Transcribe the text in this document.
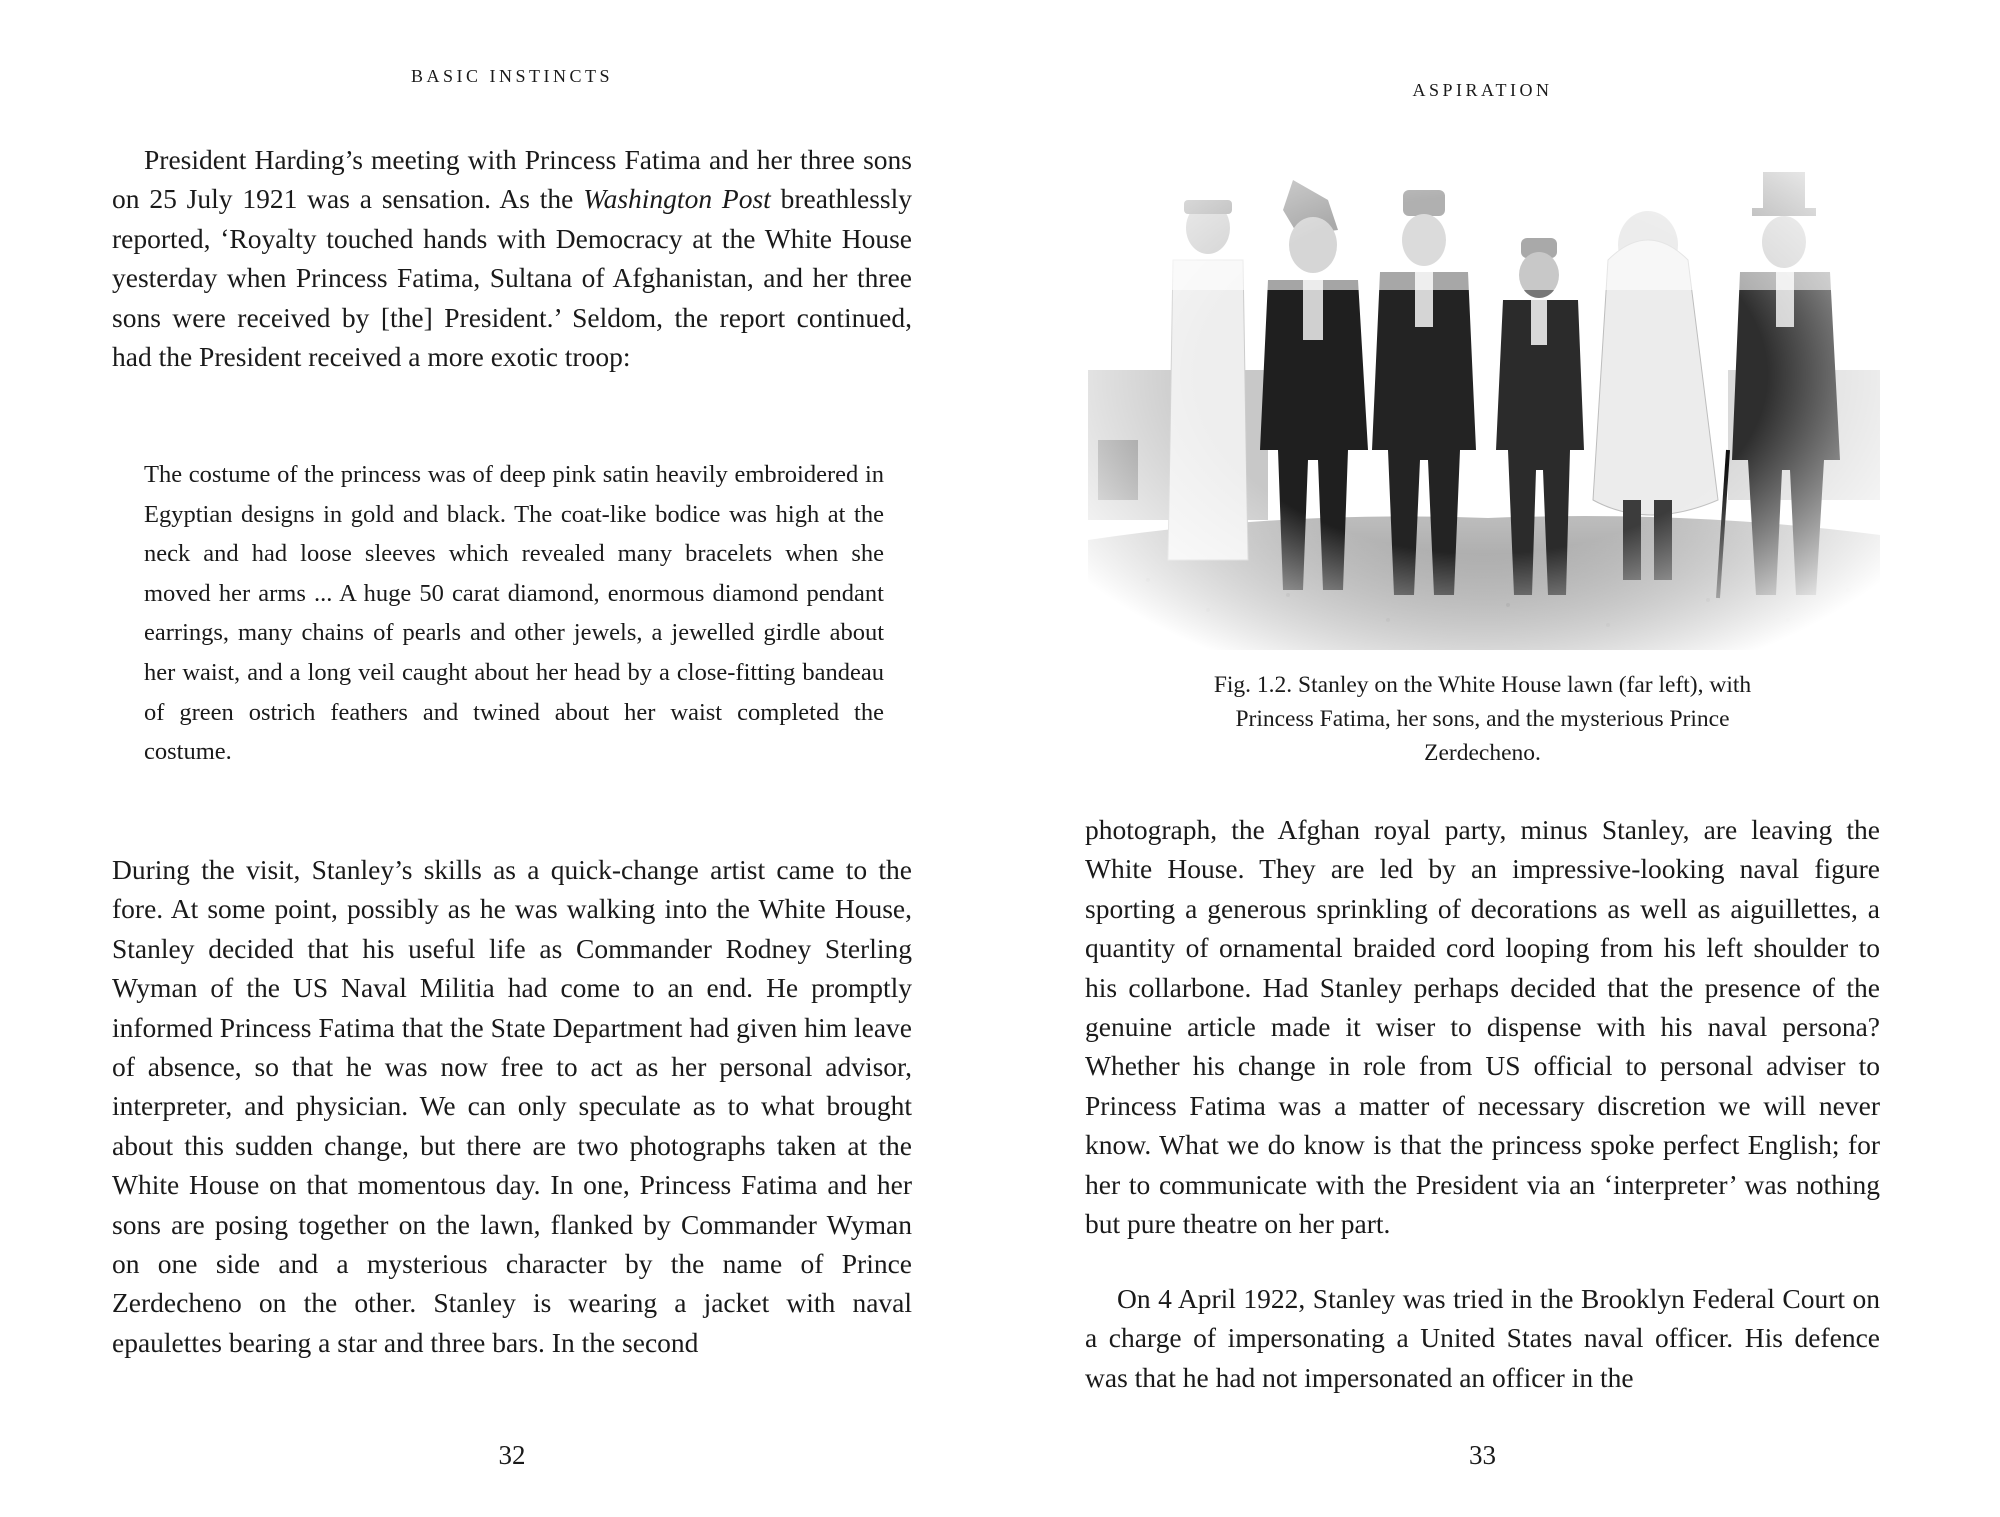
BASIC INSTINCTS

President Harding’s meeting with Princess Fatima and her three sons on 25 July 1921 was a sensation. As the Washington Post breathlessly reported, ‘Royalty touched hands with Democracy at the White House yesterday when Princess Fatima, Sultana of Afghanistan, and her three sons were received by [the] President.’ Seldom, the report continued, had the President received a more exotic troop:

The costume of the princess was of deep pink satin heavily embroidered in Egyptian designs in gold and black. The coat-like bodice was high at the neck and had loose sleeves which revealed many bracelets when she moved her arms ... A huge 50 carat diamond, enormous diamond pendant earrings, many chains of pearls and other jewels, a jewelled girdle about her waist, and a long veil caught about her head by a close-fitting bandeau of green ostrich feathers and twined about her waist completed the costume.

During the visit, Stanley’s skills as a quick-change artist came to the fore. At some point, possibly as he was walking into the White House, Stanley decided that his useful life as Commander Rodney Sterling Wyman of the US Naval Militia had come to an end. He promptly informed Princess Fatima that the State Department had given him leave of absence, so that he was now free to act as her personal advisor, interpreter, and physician. We can only speculate as to what brought about this sudden change, but there are two photographs taken at the White House on that momentous day. In one, Princess Fatima and her sons are posing together on the lawn, flanked by Commander Wyman on one side and a mysterious character by the name of Prince Zerdecheno on the other. Stanley is wearing a jacket with naval epaulettes bearing a star and three bars. In the second

32
ASPIRATION

Fig. 1.2. Stanley on the White House lawn (far left), with

Princess Fatima, her sons, and the mysterious Prince

Zerdecheno.

photograph, the Afghan royal party, minus Stanley, are leaving the White House. They are led by an impressive-looking naval figure sporting a generous sprinkling of decorations as well as aiguillettes, a quantity of ornamental braided cord looping from his left shoulder to his collarbone. Had Stanley perhaps decided that the presence of the genuine article made it wiser to dispense with his naval persona? Whether his change in role from US official to personal adviser to Princess Fatima was a matter of necessary discretion we will never know. What we do know is that the princess spoke perfect English; for her to communicate with the President via an ‘interpreter’ was nothing but pure theatre on her part.

On 4 April 1922, Stanley was tried in the Brooklyn Federal Court on a charge of impersonating a United States naval officer. His defence was that he had not impersonated an officer in the

33
